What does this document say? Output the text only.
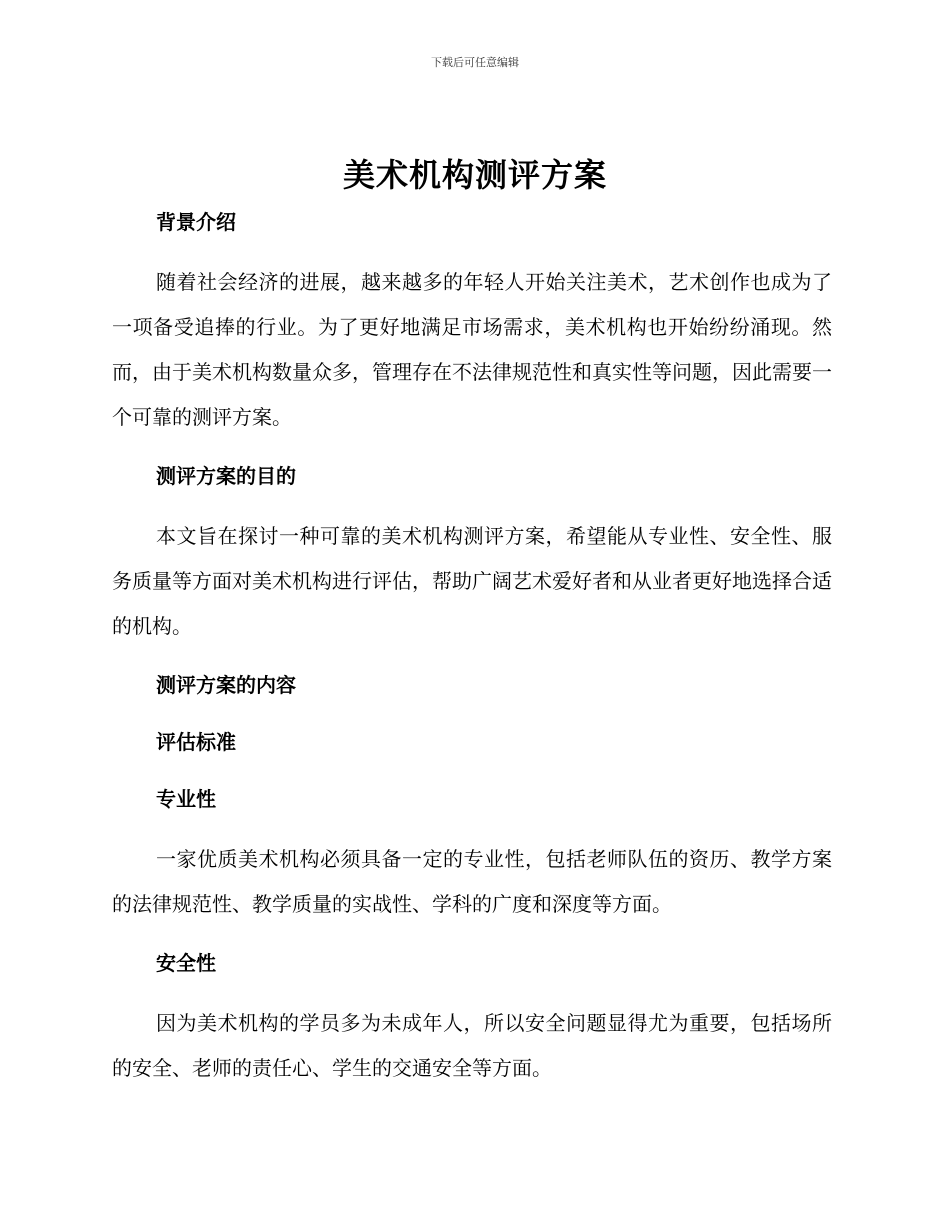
下载后可任意编辑
美术机构测评方案
背景介绍

随着社会经济的进展，越来越多的年轻人开始关注美术，艺术创作也成为了一项备受追捧的行业。为了更好地满足市场需求，美术机构也开始纷纷涌现。然而，由于美术机构数量众多，管理存在不法律规范性和真实性等问题，因此需要一个可靠的测评方案。

测评方案的目的

本文旨在探讨一种可靠的美术机构测评方案，希望能从专业性、安全性、服务质量等方面对美术机构进行评估，帮助广阔艺术爱好者和从业者更好地选择合适的机构。

测评方案的内容
评估标准
专业性

一家优质美术机构必须具备一定的专业性，包括老师队伍的资历、教学方案的法律规范性、教学质量的实战性、学科的广度和深度等方面。

安全性

因为美术机构的学员多为未成年人，所以安全问题显得尤为重要，包括场所的安全、老师的责任心、学生的交通安全等方面。
